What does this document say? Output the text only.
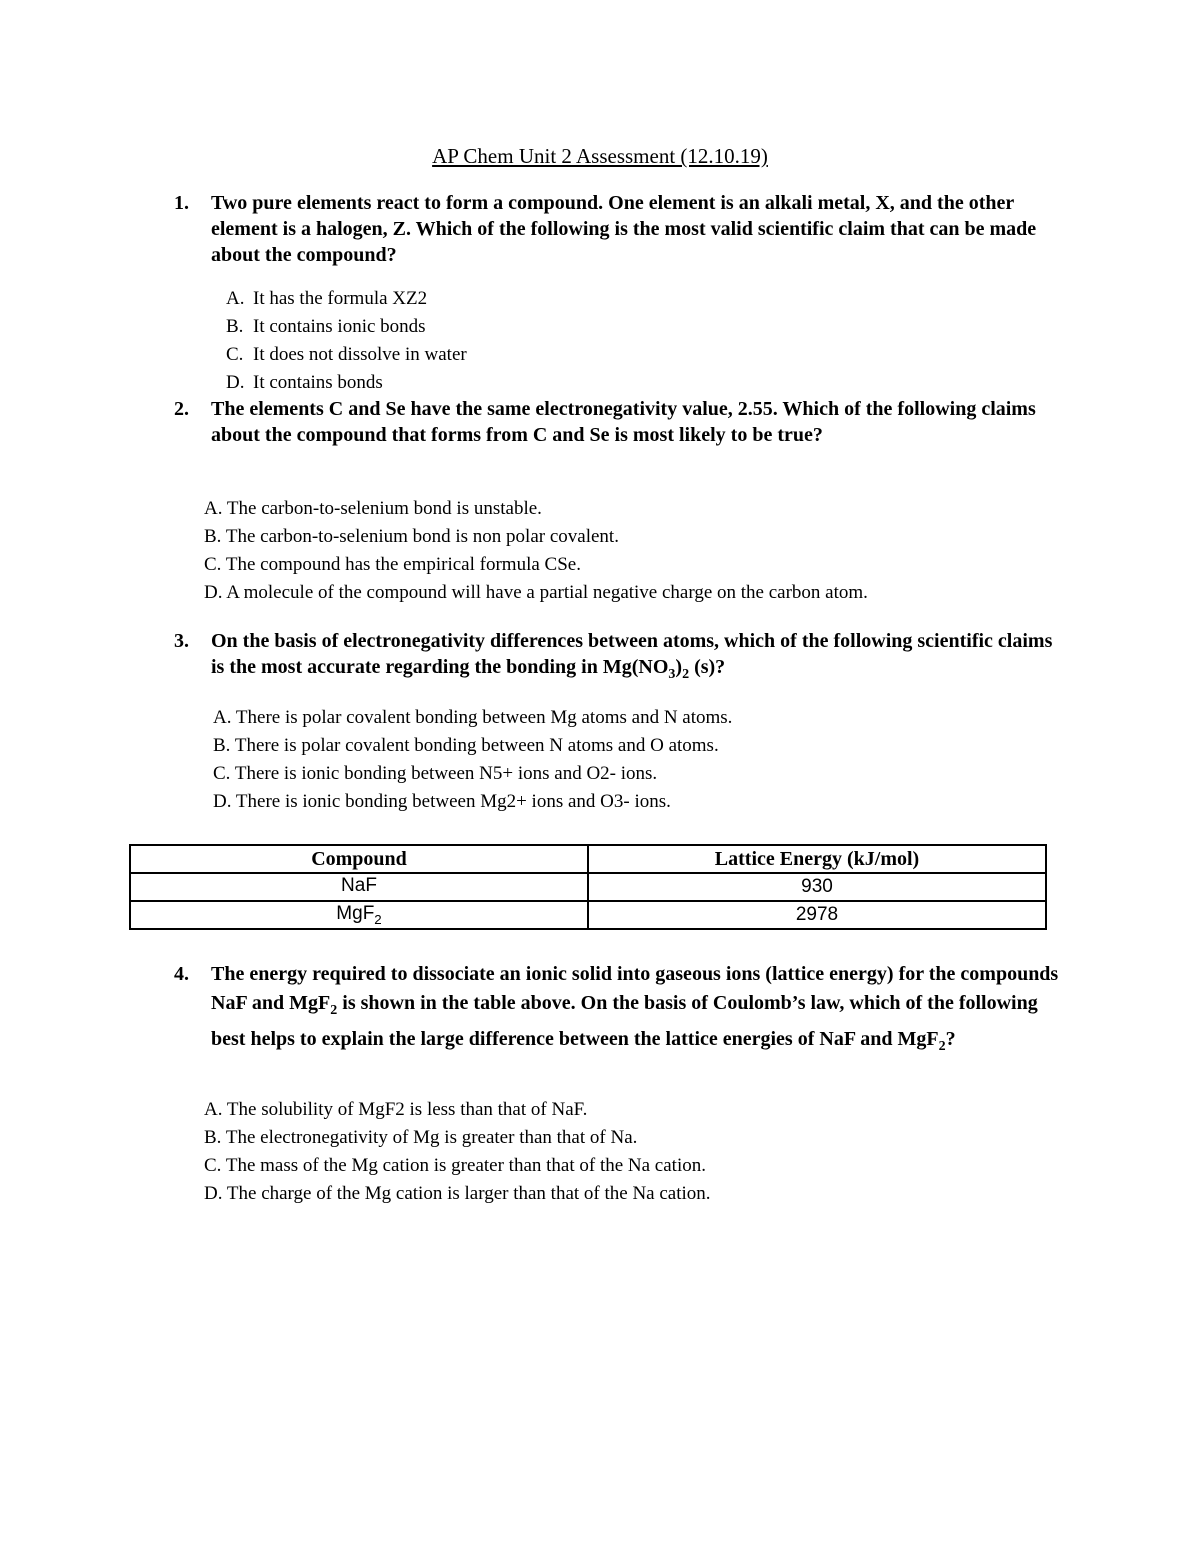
AP Chem Unit 2 Assessment (12.10.19)
1. Two pure elements react to form a compound. One element is an alkali metal, X, and the other element is a halogen, Z. Which of the following is the most valid scientific claim that can be made about the compound?
A. It has the formula XZ2
B. It contains ionic bonds
C. It does not dissolve in water
D. It contains bonds
2. The elements C and Se have the same electronegativity value, 2.55. Which of the following claims about the compound that forms from C and Se is most likely to be true?
A. The carbon-to-selenium bond is unstable.
B. The carbon-to-selenium bond is non polar covalent.
C. The compound has the empirical formula CSe.
D. A molecule of the compound will have a partial negative charge on the carbon atom.
3. On the basis of electronegativity differences between atoms, which of the following scientific claims is the most accurate regarding the bonding in $Mg(NO_3)_2$ (s)?
A. There is polar covalent bonding between Mg atoms and N atoms.
B. There is polar covalent bonding between N atoms and O atoms.
C. There is ionic bonding between N5+ ions and O2- ions.
D. There is ionic bonding between Mg2+ ions and O3- ions.
Compound	Lattice Energy (kJ/mol)
NaF	930
MgF$_2$	2978
4. The energy required to dissociate an ionic solid into gaseous ions (lattice energy) for the compounds NaF and MgF$_2$ is shown in the table above. On the basis of Coulomb’s law, which of the following best helps to explain the large difference between the lattice energies of NaF and MgF$_2$?
A. The solubility of MgF2 is less than that of NaF.
B. The electronegativity of Mg is greater than that of Na.
C. The mass of the Mg cation is greater than that of the Na cation.
D. The charge of the Mg cation is larger than that of the Na cation.
